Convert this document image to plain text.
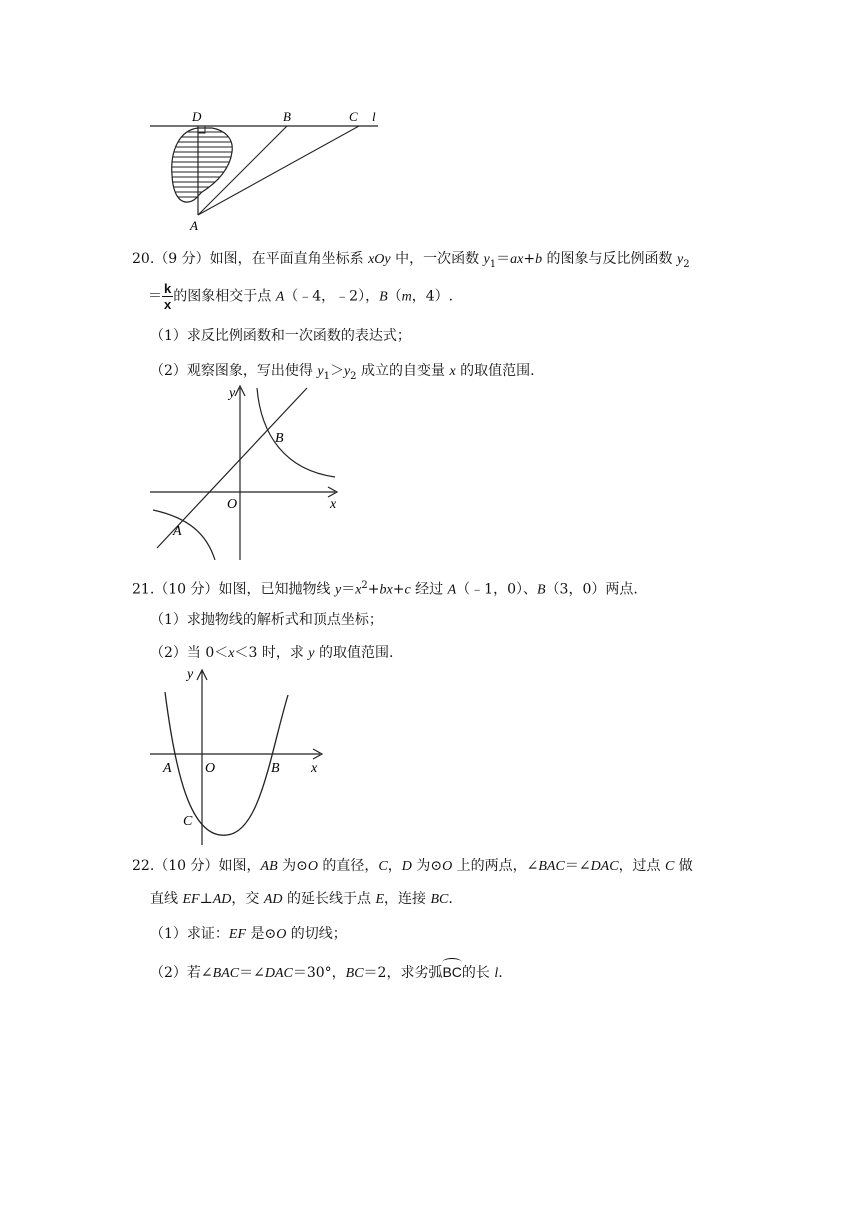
D	B	C l
A
20.（9 分）如图，在平面直角坐标系 xOy 中，一次函数 $y_1=ax+b$ 的图象与反比例函数 $y_2$
＝ $\frac{k}{x}$ 的图象相交于点 A（﹣4，﹣2），B（m，4）.
（1）求反比例函数和一次函数的表达式；
（2）观察图象，写出使得 $y_1>y_2$ 成立的自变量 x 的取值范围.
y
x
O
B
A
21.（10 分）如图，已知抛物线 $y=x^2+bx+c$ 经过 A（﹣1，0）、B（3，0）两点.
（1）求抛物线的解析式和顶点坐标；
（2）当 0＜x＜3 时，求 y 的取值范围.
y
x
O
A	B
C
22.（10 分）如图，AB 为⊙O 的直径，C，D 为⊙O 上的两点，∠BAC＝∠DAC，过点 C 做
直线 EF⊥AD，交 AD 的延长线于点 E，连接 BC.
（1）求证：EF 是⊙O 的切线；
（2）若∠BAC＝∠DAC＝30°，BC＝2，求劣弧BC的长 l.
